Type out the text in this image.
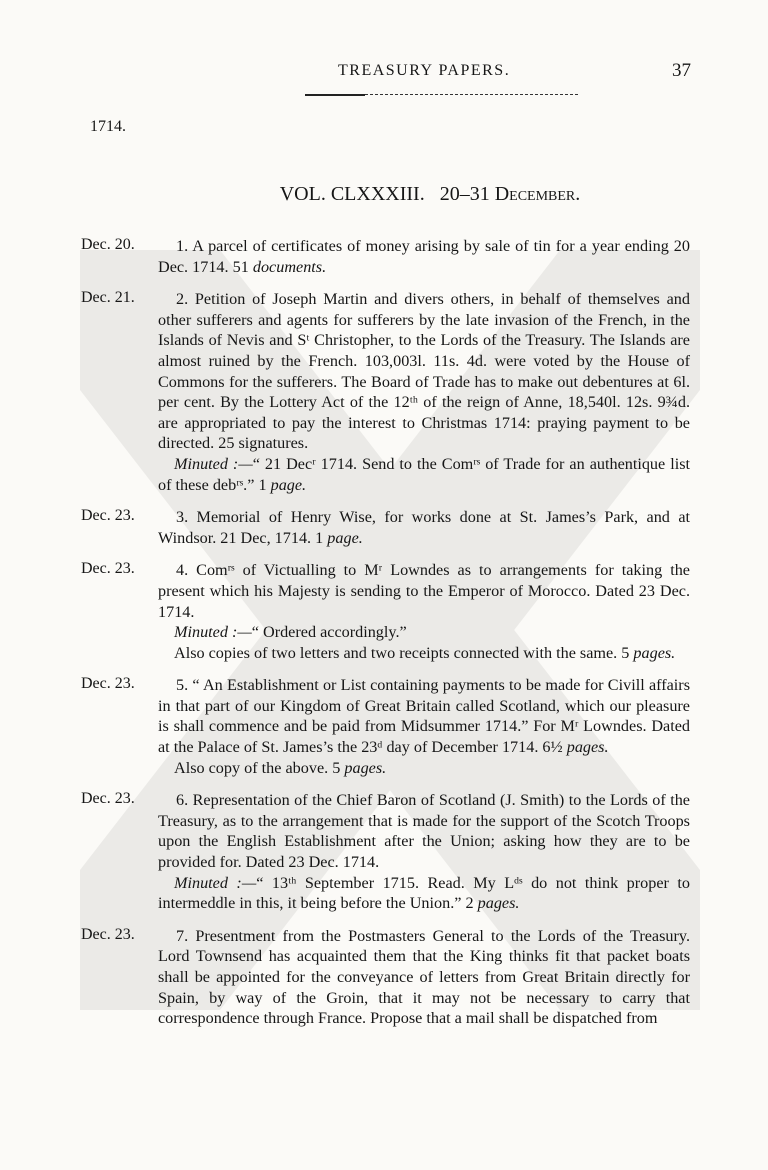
TREASURY PAPERS.	37
1714.
VOL. CLXXXIII. 20–31 December.
Dec. 20.	1. A parcel of certificates of money arising by sale of tin for a year ending 20 Dec. 1714. 51 documents.

Dec. 21.	2. Petition of Joseph Martin and divers others, in behalf of themselves and other sufferers and agents for sufferers by the late invasion of the French, in the Islands of Nevis and Sᵗ Christopher, to the Lords of the Treasury. The Islands are almost ruined by the French. 103,003l. 11s. 4d. were voted by the House of Commons for the sufferers. The Board of Trade has to make out debentures at 6l. per cent. By the Lottery Act of the 12ᵗʰ of the reign of Anne, 18,540l. 12s. 9¾d. are appropriated to pay the interest to Christmas 1714: praying payment to be directed. 25 signatures.

Minuted :—“ 21 Decʳ 1714. Send to the Comʳˢ of Trade for an authentique list of these debʳˢ.” 1 page.

Dec. 23.	3. Memorial of Henry Wise, for works done at St. James’s Park, and at Windsor. 21 Dec, 1714. 1 page.

Dec. 23.	4. Comʳˢ of Victualling to Mʳ Lowndes as to arrangements for taking the present which his Majesty is sending to the Emperor of Morocco. Dated 23 Dec. 1714.

Minuted :—“ Ordered accordingly.”

Also copies of two letters and two receipts connected with the same. 5 pages.

Dec. 23.	5. “ An Establishment or List containing payments to be made for Civill affairs in that part of our Kingdom of Great Britain called Scotland, which our pleasure is shall commence and be paid from Midsummer 1714.” For Mʳ Lowndes. Dated at the Palace of St. James’s the 23ᵈ day of December 1714. 6½ pages.

Also copy of the above. 5 pages.

Dec. 23.	6. Representation of the Chief Baron of Scotland (J. Smith) to the Lords of the Treasury, as to the arrangement that is made for the support of the Scotch Troops upon the English Establishment after the Union; asking how they are to be provided for. Dated 23 Dec. 1714.

Minuted :—“ 13ᵗʰ September 1715. Read. My Lᵈˢ do not think proper to intermeddle in this, it being before the Union.” 2 pages.

Dec. 23.	7. Presentment from the Postmasters General to the Lords of the Treasury. Lord Townsend has acquainted them that the King thinks fit that packet boats shall be appointed for the conveyance of letters from Great Britain directly for Spain, by way of the Groin, that it may not be necessary to carry that correspondence through France. Propose that a mail shall be dispatched from
